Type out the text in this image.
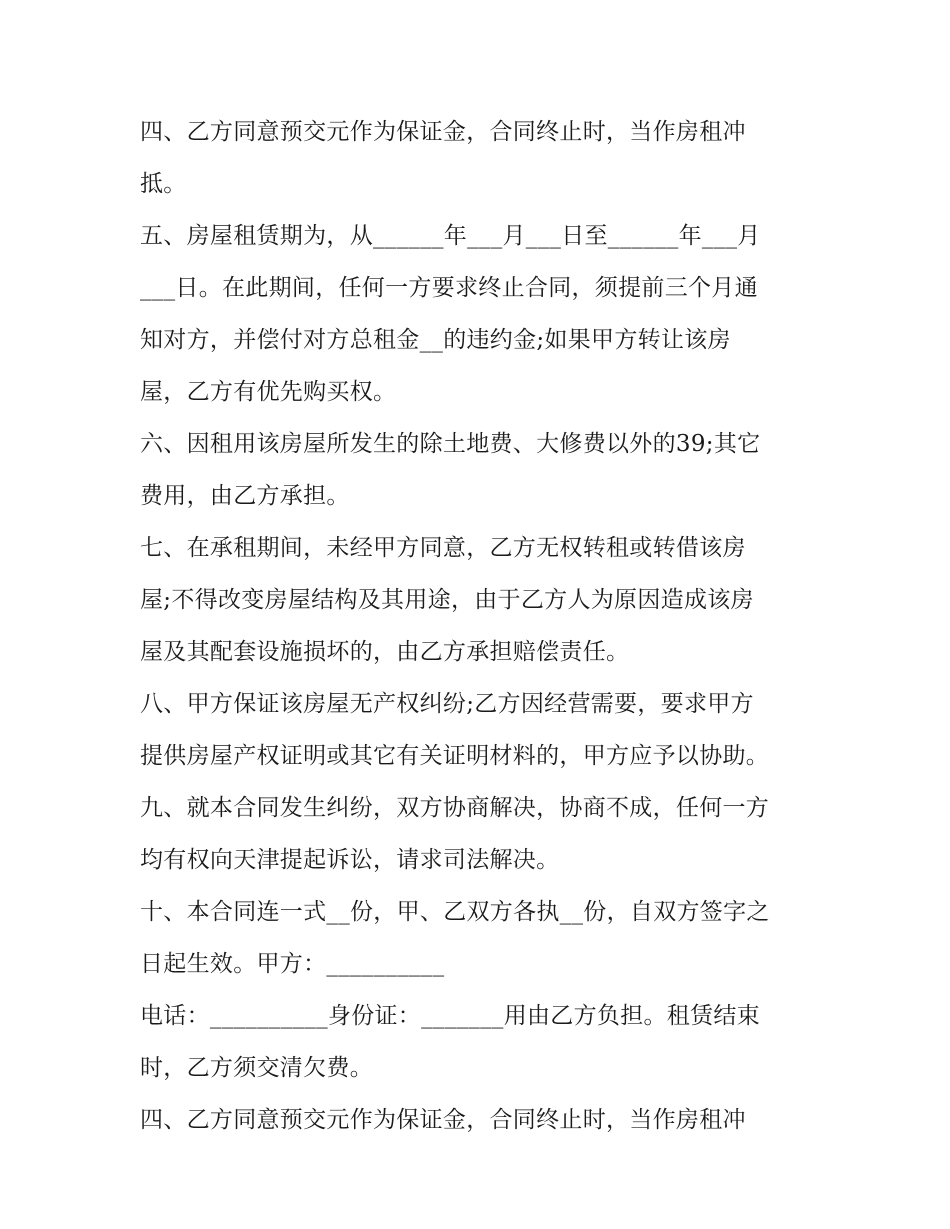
四、乙方同意预交元作为保证金，合同终止时，当作房租冲
抵。
五、房屋租赁期为，从______年___月___日至______年___月
___日。在此期间，任何一方要求终止合同，须提前三个月通
知对方，并偿付对方总租金__的违约金;如果甲方转让该房
屋，乙方有优先购买权。
六、因租用该房屋所发生的除土地费、大修费以外的39;其它
费用，由乙方承担。
七、在承租期间，未经甲方同意，乙方无权转租或转借该房
屋;不得改变房屋结构及其用途，由于乙方人为原因造成该房
屋及其配套设施损坏的，由乙方承担赔偿责任。
八、甲方保证该房屋无产权纠纷;乙方因经营需要，要求甲方
提供房屋产权证明或其它有关证明材料的，甲方应予以协助。
九、就本合同发生纠纷，双方协商解决，协商不成，任何一方
均有权向天津提起诉讼，请求司法解决。
十、本合同连一式__份，甲、乙双方各执__份，自双方签字之
日起生效。甲方：__________
电话：__________身份证：_______用由乙方负担。租赁结束
时，乙方须交清欠费。
四、乙方同意预交元作为保证金，合同终止时，当作房租冲
